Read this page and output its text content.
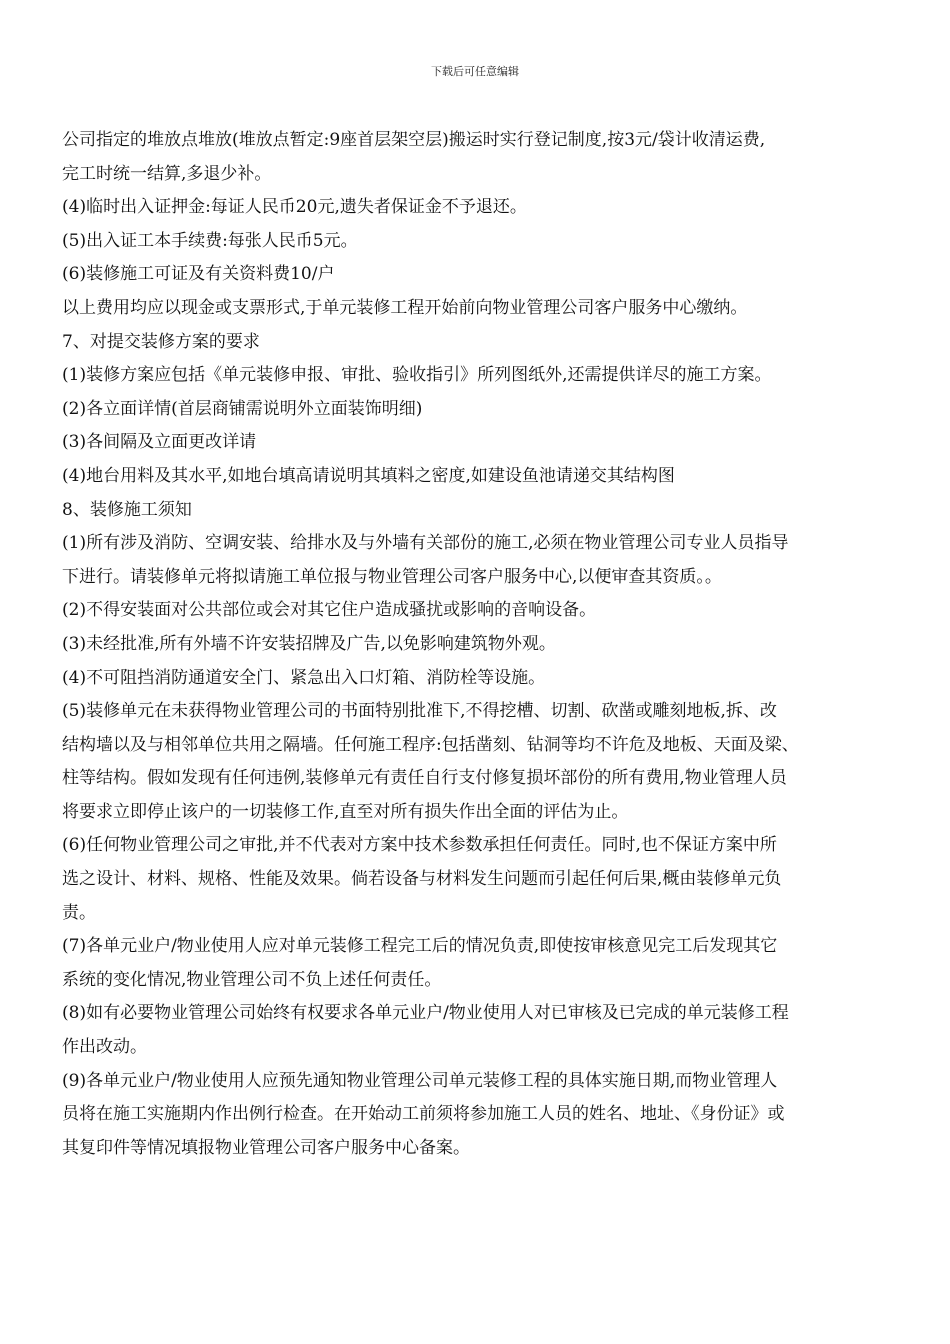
下载后可任意编辑
公司指定的堆放点堆放(堆放点暂定:9座首层架空层)搬运时实行登记制度,按3元/袋计收清运费,
完工时统一结算,多退少补。
(4)临时出入证押金:每证人民币20元,遗失者保证金不予退还。
(5)出入证工本手续费:每张人民币5元。
(6)装修施工可证及有关资料费10/户
以上费用均应以现金或支票形式,于单元装修工程开始前向物业管理公司客户服务中心缴纳。
7、对提交装修方案的要求
(1)装修方案应包括《单元装修申报、审批、验收指引》所列图纸外,还需提供详尽的施工方案。
(2)各立面详情(首层商铺需说明外立面装饰明细)
(3)各间隔及立面更改详请
(4)地台用料及其水平,如地台填高请说明其填料之密度,如建设鱼池请递交其结构图
8、装修施工须知
(1)所有涉及消防、空调安装、给排水及与外墙有关部份的施工,必须在物业管理公司专业人员指导
下进行。请装修单元将拟请施工单位报与物业管理公司客户服务中心,以便审查其资质。。
(2)不得安装面对公共部位或会对其它住户造成骚扰或影响的音响设备。
(3)未经批准,所有外墙不许安装招牌及广告,以免影响建筑物外观。
(4)不可阻挡消防通道安全门、紧急出入口灯箱、消防栓等设施。
(5)装修单元在未获得物业管理公司的书面特别批准下,不得挖槽、切割、砍凿或雕刻地板,拆、改
结构墙以及与相邻单位共用之隔墙。任何施工程序:包括凿刻、钻洞等均不许危及地板、天面及梁、
柱等结构。假如发现有任何违例,装修单元有责任自行支付修复损坏部份的所有费用,物业管理人员
将要求立即停止该户的一切装修工作,直至对所有损失作出全面的评估为止。
(6)任何物业管理公司之审批,并不代表对方案中技术参数承担任何责任。同时,也不保证方案中所
选之设计、材料、规格、性能及效果。倘若设备与材料发生问题而引起任何后果,概由装修单元负
责。
(7)各单元业户/物业使用人应对单元装修工程完工后的情况负责,即使按审核意见完工后发现其它
系统的变化情况,物业管理公司不负上述任何责任。
(8)如有必要物业管理公司始终有权要求各单元业户/物业使用人对已审核及已完成的单元装修工程
作出改动。
(9)各单元业户/物业使用人应预先通知物业管理公司单元装修工程的具体实施日期,而物业管理人
员将在施工实施期内作出例行检查。在开始动工前须将参加施工人员的姓名、地址、《身份证》或
其复印件等情况填报物业管理公司客户服务中心备案。
